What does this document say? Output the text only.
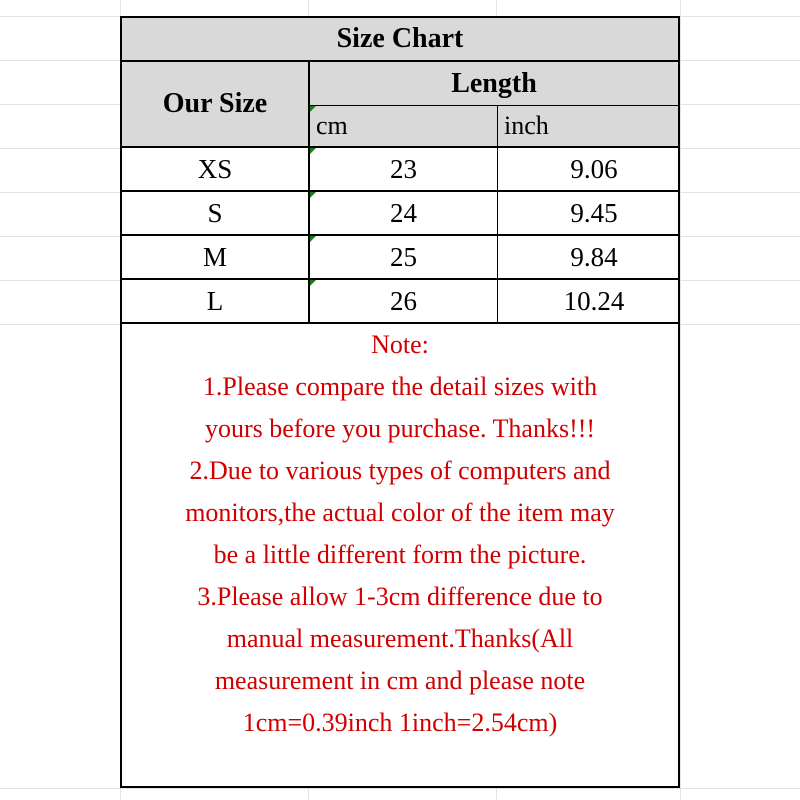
Size Chart
Our Size
Length
cm	inch
XS	23	9.06
S	24	9.45
M	25	9.84
L	26	10.24
Note:
1.Please compare the detail sizes with
yours before you purchase. Thanks!!!
2.Due to various types of computers and
monitors,the actual color of the item may
be a little different form the picture.
3.Please allow 1-3cm difference due to
manual measurement.Thanks(All
measurement in cm and please note
1cm=0.39inch 1inch=2.54cm)
